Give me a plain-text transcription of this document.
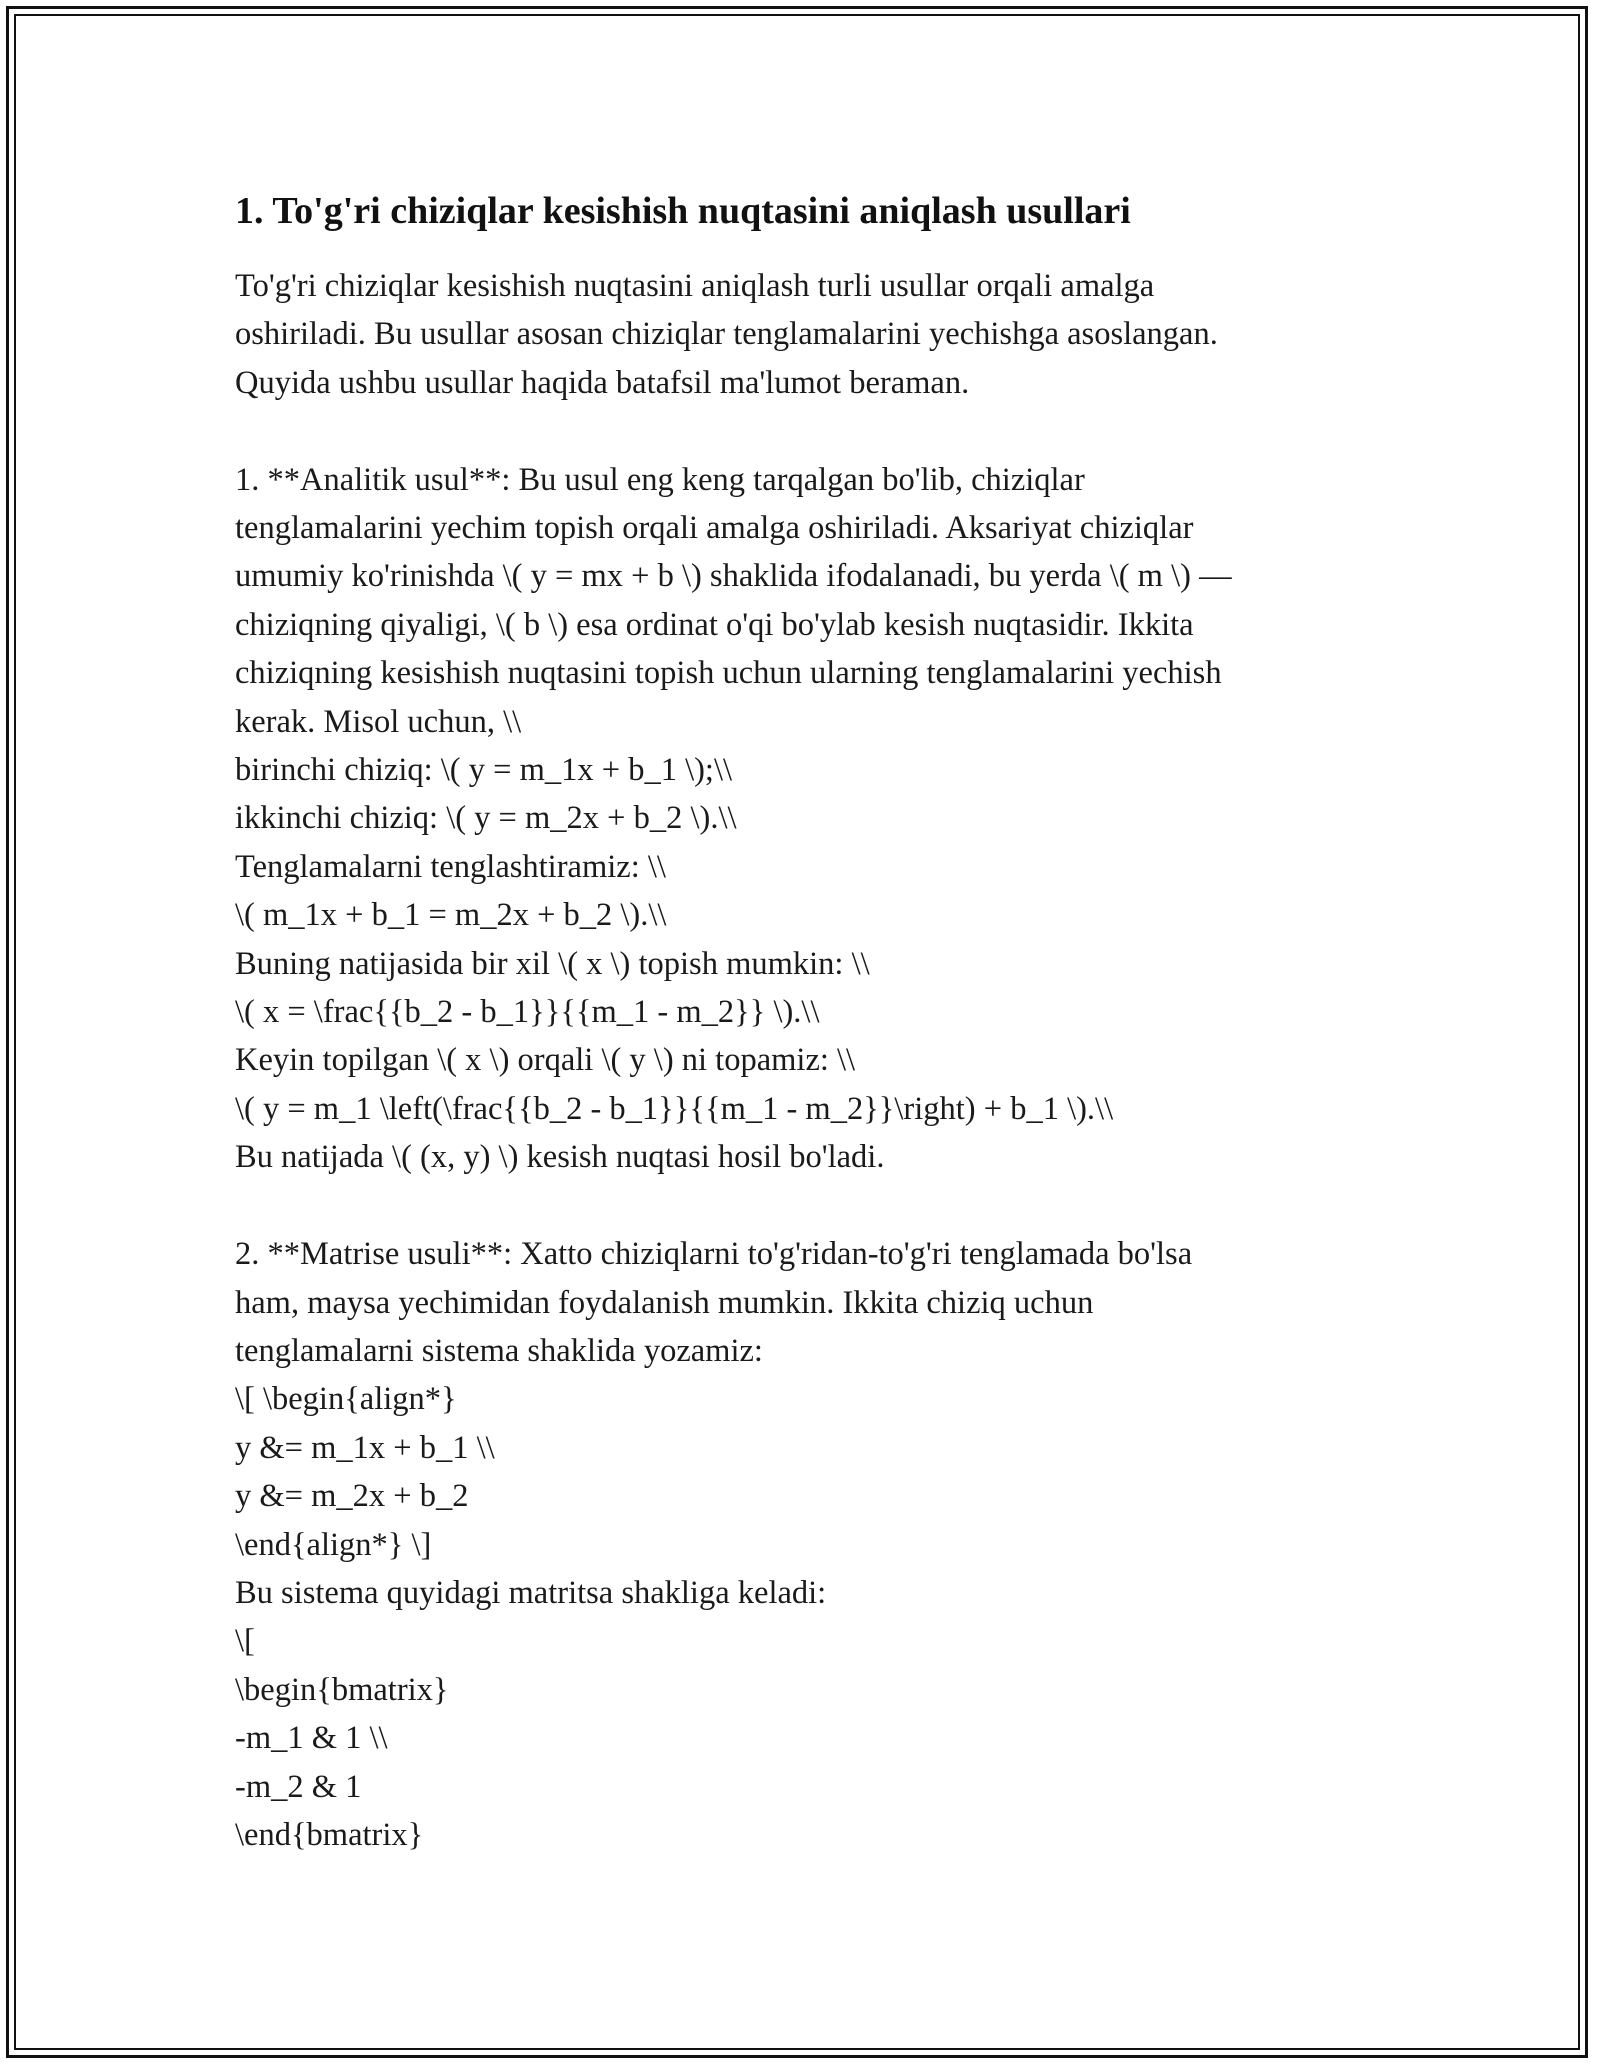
1. To'g'ri chiziqlar kesishish nuqtasini aniqlash usullari
To'g'ri chiziqlar kesishish nuqtasini aniqlash turli usullar orqali amalga
oshiriladi. Bu usullar asosan chiziqlar tenglamalarini yechishga asoslangan.
Quyida ushbu usullar haqida batafsil ma'lumot beraman.
1. **Analitik usul**: Bu usul eng keng tarqalgan bo'lib, chiziqlar
tenglamalarini yechim topish orqali amalga oshiriladi. Aksariyat chiziqlar
umumiy ko'rinishda \( y = mx + b \) shaklida ifodalanadi, bu yerda \( m \) —
chiziqning qiyaligi, \( b \) esa ordinat o'qi bo'ylab kesish nuqtasidir. Ikkita
chiziqning kesishish nuqtasini topish uchun ularning tenglamalarini yechish
kerak. Misol uchun, \\
birinchi chiziq: \( y = m_1x + b_1 \);\\
ikkinchi chiziq: \( y = m_2x + b_2 \).\\
Tenglamalarni tenglashtiramiz: \\
\( m_1x + b_1 = m_2x + b_2 \).\\
Buning natijasida bir xil \( x \) topish mumkin: \\
\( x = \frac{{b_2 - b_1}}{{m_1 - m_2}} \).\\
Keyin topilgan \( x \) orqali \( y \) ni topamiz: \\
\( y = m_1 \left(\frac{{b_2 - b_1}}{{m_1 - m_2}}\right) + b_1 \).\\
Bu natijada \( (x, y) \) kesish nuqtasi hosil bo'ladi.
2. **Matrise usuli**: Xatto chiziqlarni to'g'ridan-to'g'ri tenglamada bo'lsa
ham, maysa yechimidan foydalanish mumkin. Ikkita chiziq uchun
tenglamalarni sistema shaklida yozamiz:
\[ \begin{align*}
y &= m_1x + b_1 \\
y &= m_2x + b_2
\end{align*} \]
Bu sistema quyidagi matritsa shakliga keladi:
\[
\begin{bmatrix}
-m_1 & 1 \\
-m_2 & 1
\end{bmatrix}
